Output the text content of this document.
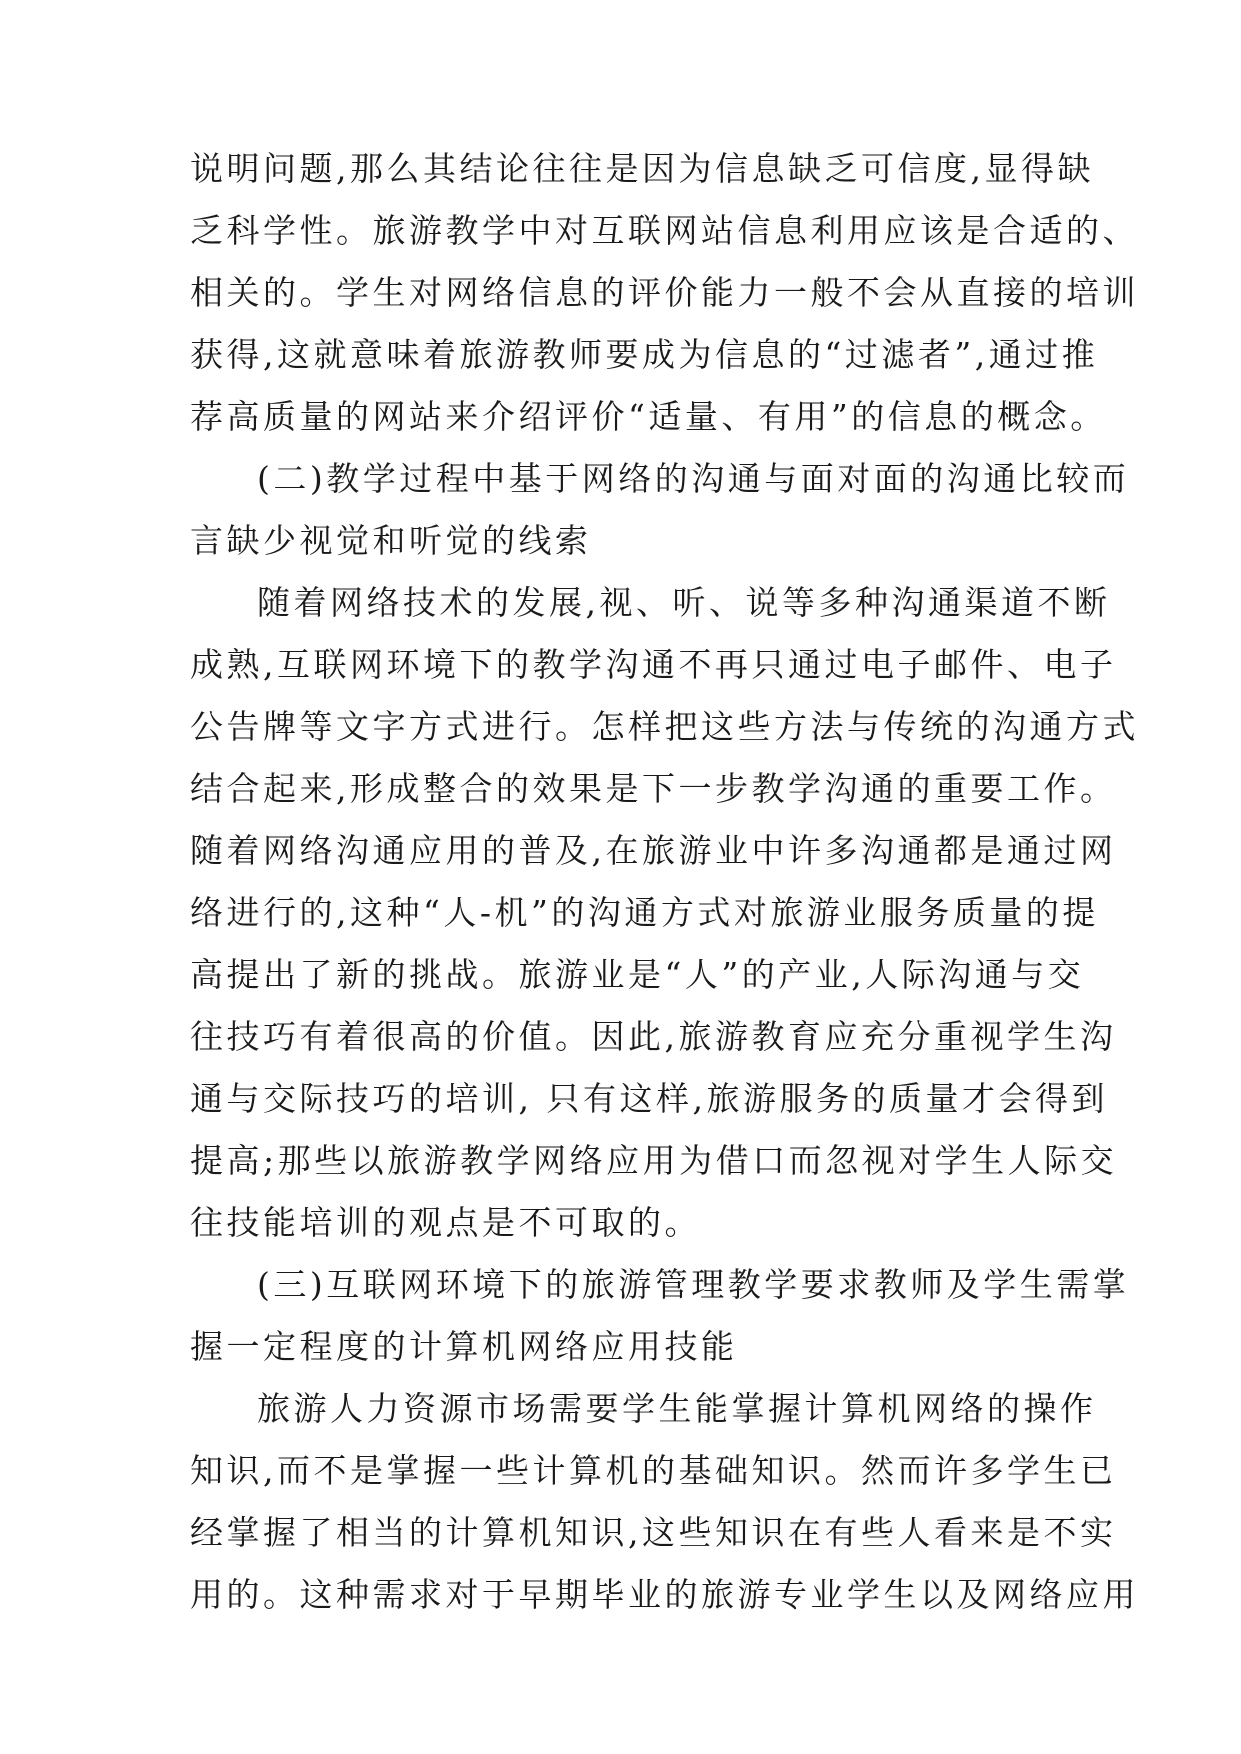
说明问题,那么其结论往往是因为信息缺乏可信度,显得缺
乏科学性。旅游教学中对互联网站信息利用应该是合适的、
相关的。学生对网络信息的评价能力一般不会从直接的培训
获得,这就意味着旅游教师要成为信息的“过滤者”,通过推
荐高质量的网站来介绍评价“适量、有用”的信息的概念。
(二)教学过程中基于网络的沟通与面对面的沟通比较而
言缺少视觉和听觉的线索
随着网络技术的发展,视、听、说等多种沟通渠道不断
成熟,互联网环境下的教学沟通不再只通过电子邮件、电子
公告牌等文字方式进行。怎样把这些方法与传统的沟通方式
结合起来,形成整合的效果是下一步教学沟通的重要工作。
随着网络沟通应用的普及,在旅游业中许多沟通都是通过网
络进行的,这种“人-机”的沟通方式对旅游业服务质量的提
高提出了新的挑战。旅游业是“人”的产业,人际沟通与交
往技巧有着很高的价值。因此,旅游教育应充分重视学生沟
通与交际技巧的培训, 只有这样,旅游服务的质量才会得到
提高;那些以旅游教学网络应用为借口而忽视对学生人际交
往技能培训的观点是不可取的。
(三)互联网环境下的旅游管理教学要求教师及学生需掌
握一定程度的计算机网络应用技能
旅游人力资源市场需要学生能掌握计算机网络的操作
知识,而不是掌握一些计算机的基础知识。然而许多学生已
经掌握了相当的计算机知识,这些知识在有些人看来是不实
用的。这种需求对于早期毕业的旅游专业学生以及网络应用
